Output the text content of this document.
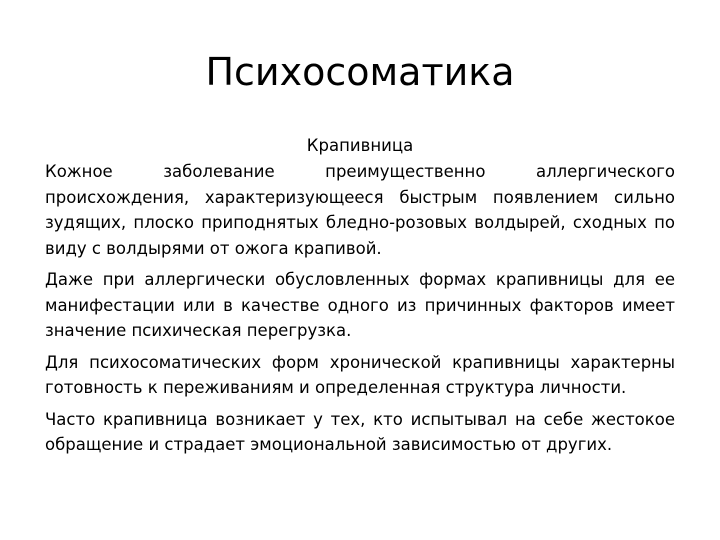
Психосоматика
Крапивница

Кожное заболевание преимущественно аллергического происхождения, характеризующееся быстрым появлением сильно зудящих, плоско приподнятых бледно-розовых волдырей, сходных по виду с волдырями от ожога крапивой.

Даже при аллергически обусловленных формах крапивницы для ее манифестации или в качестве одного из причинных факторов имеет значение психическая перегрузка.

Для психосоматических форм хронической крапивницы характерны готовность к переживаниям и определенная структура личности.

Часто крапивница возникает у тех, кто испытывал на себе жестокое обращение и страдает эмоциональной зависимостью от других.
